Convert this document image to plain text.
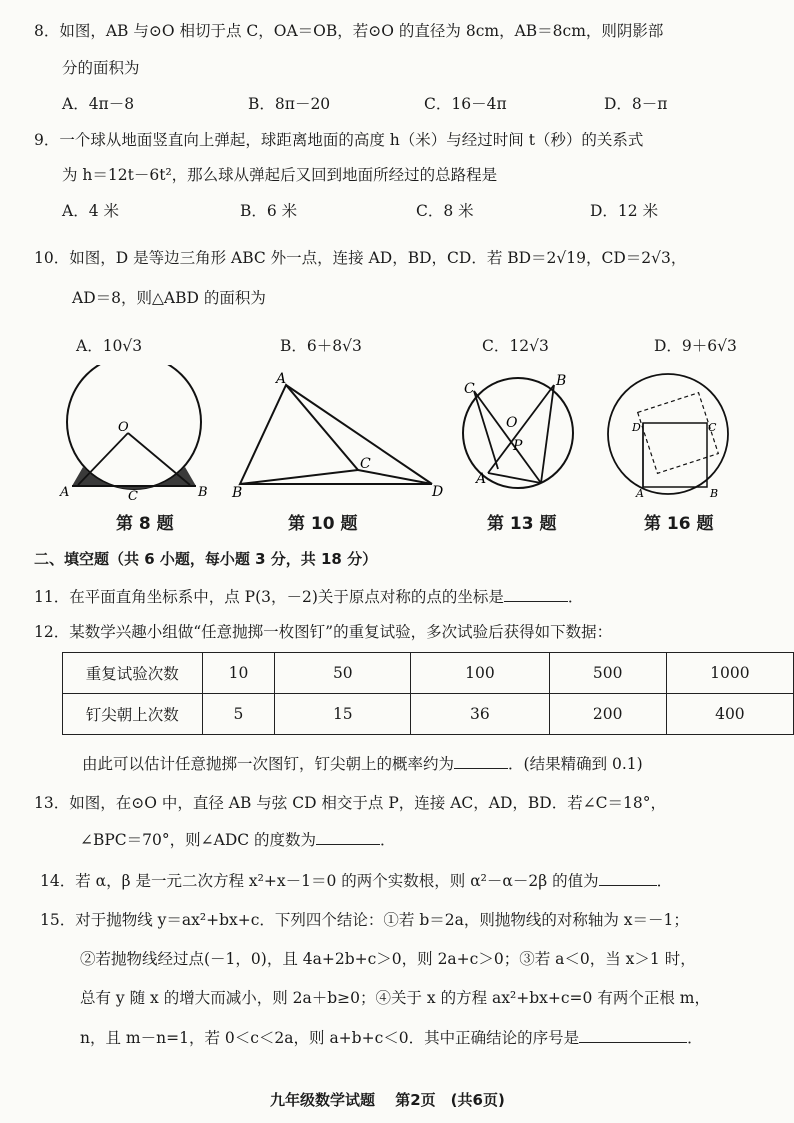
8．如图，AB 与⊙O 相切于点 C，OA＝OB，若⊙O 的直径为 8cm，AB＝8cm，则阴影部
分的面积为
A．4π－8	B．8π－20	C．16－4π	D．8－π
9．一个球从地面竖直向上弹起，球距离地面的高度 h（米）与经过时间 t（秒）的关系式
为 h＝12t－6t²，那么球从弹起后又回到地面所经过的总路程是
A．4 米	B．6 米	C．8 米	D．12 米
10．如图，D 是等边三角形 ABC 外一点，连接 AD，BD，CD．若 BD＝2√19，CD＝2√3，
AD＝8，则△ABD 的面积为
A．10√3	B．6＋8√3	C．12√3	D．9＋6√3
O
A	C	B
A
B
C
D
C	B
O
P
A
D	C
A	B
第 8 题	第 10 题	第 13 题	第 16 题
二、填空题（共 6 小题，每小题 3 分，共 18 分）
11．在平面直角坐标系中，点 P(3，－2)关于原点对称的点的坐标是	．
12．某数学兴趣小组做“任意抛掷一枚图钉”的重复试验，多次试验后获得如下数据：
重复试验次数	10	50	100	500	1000
钉尖朝上次数	5	15	36	200	400
由此可以估计任意抛掷一次图钉，钉尖朝上的概率约为	．(结果精确到 0.1)
13．如图，在⊙O 中，直径 AB 与弦 CD 相交于点 P，连接 AC，AD，BD．若∠C＝18°，
∠BPC＝70°，则∠ADC 的度数为	．
14．若 α，β 是一元二次方程 x²+x－1＝0 的两个实数根，则 α²－α－2β 的值为	．
15．对于抛物线 y＝ax²+bx+c．下列四个结论：①若 b＝2a，则抛物线的对称轴为 x＝－1；
②若抛物线经过点(－1，0)，且 4a+2b+c＞0，则 2a+c＞0；③若 a＜0，当 x＞1 时，
总有 y 随 x 的增大而减小，则 2a＋b≥0；④关于 x 的方程 ax²+bx+c=0 有两个正根 m，
n，且 m－n=1，若 0＜c＜2a，则 a+b+c＜0．其中正确结论的序号是	．
九年级数学试题　 第2页　(共6页)
